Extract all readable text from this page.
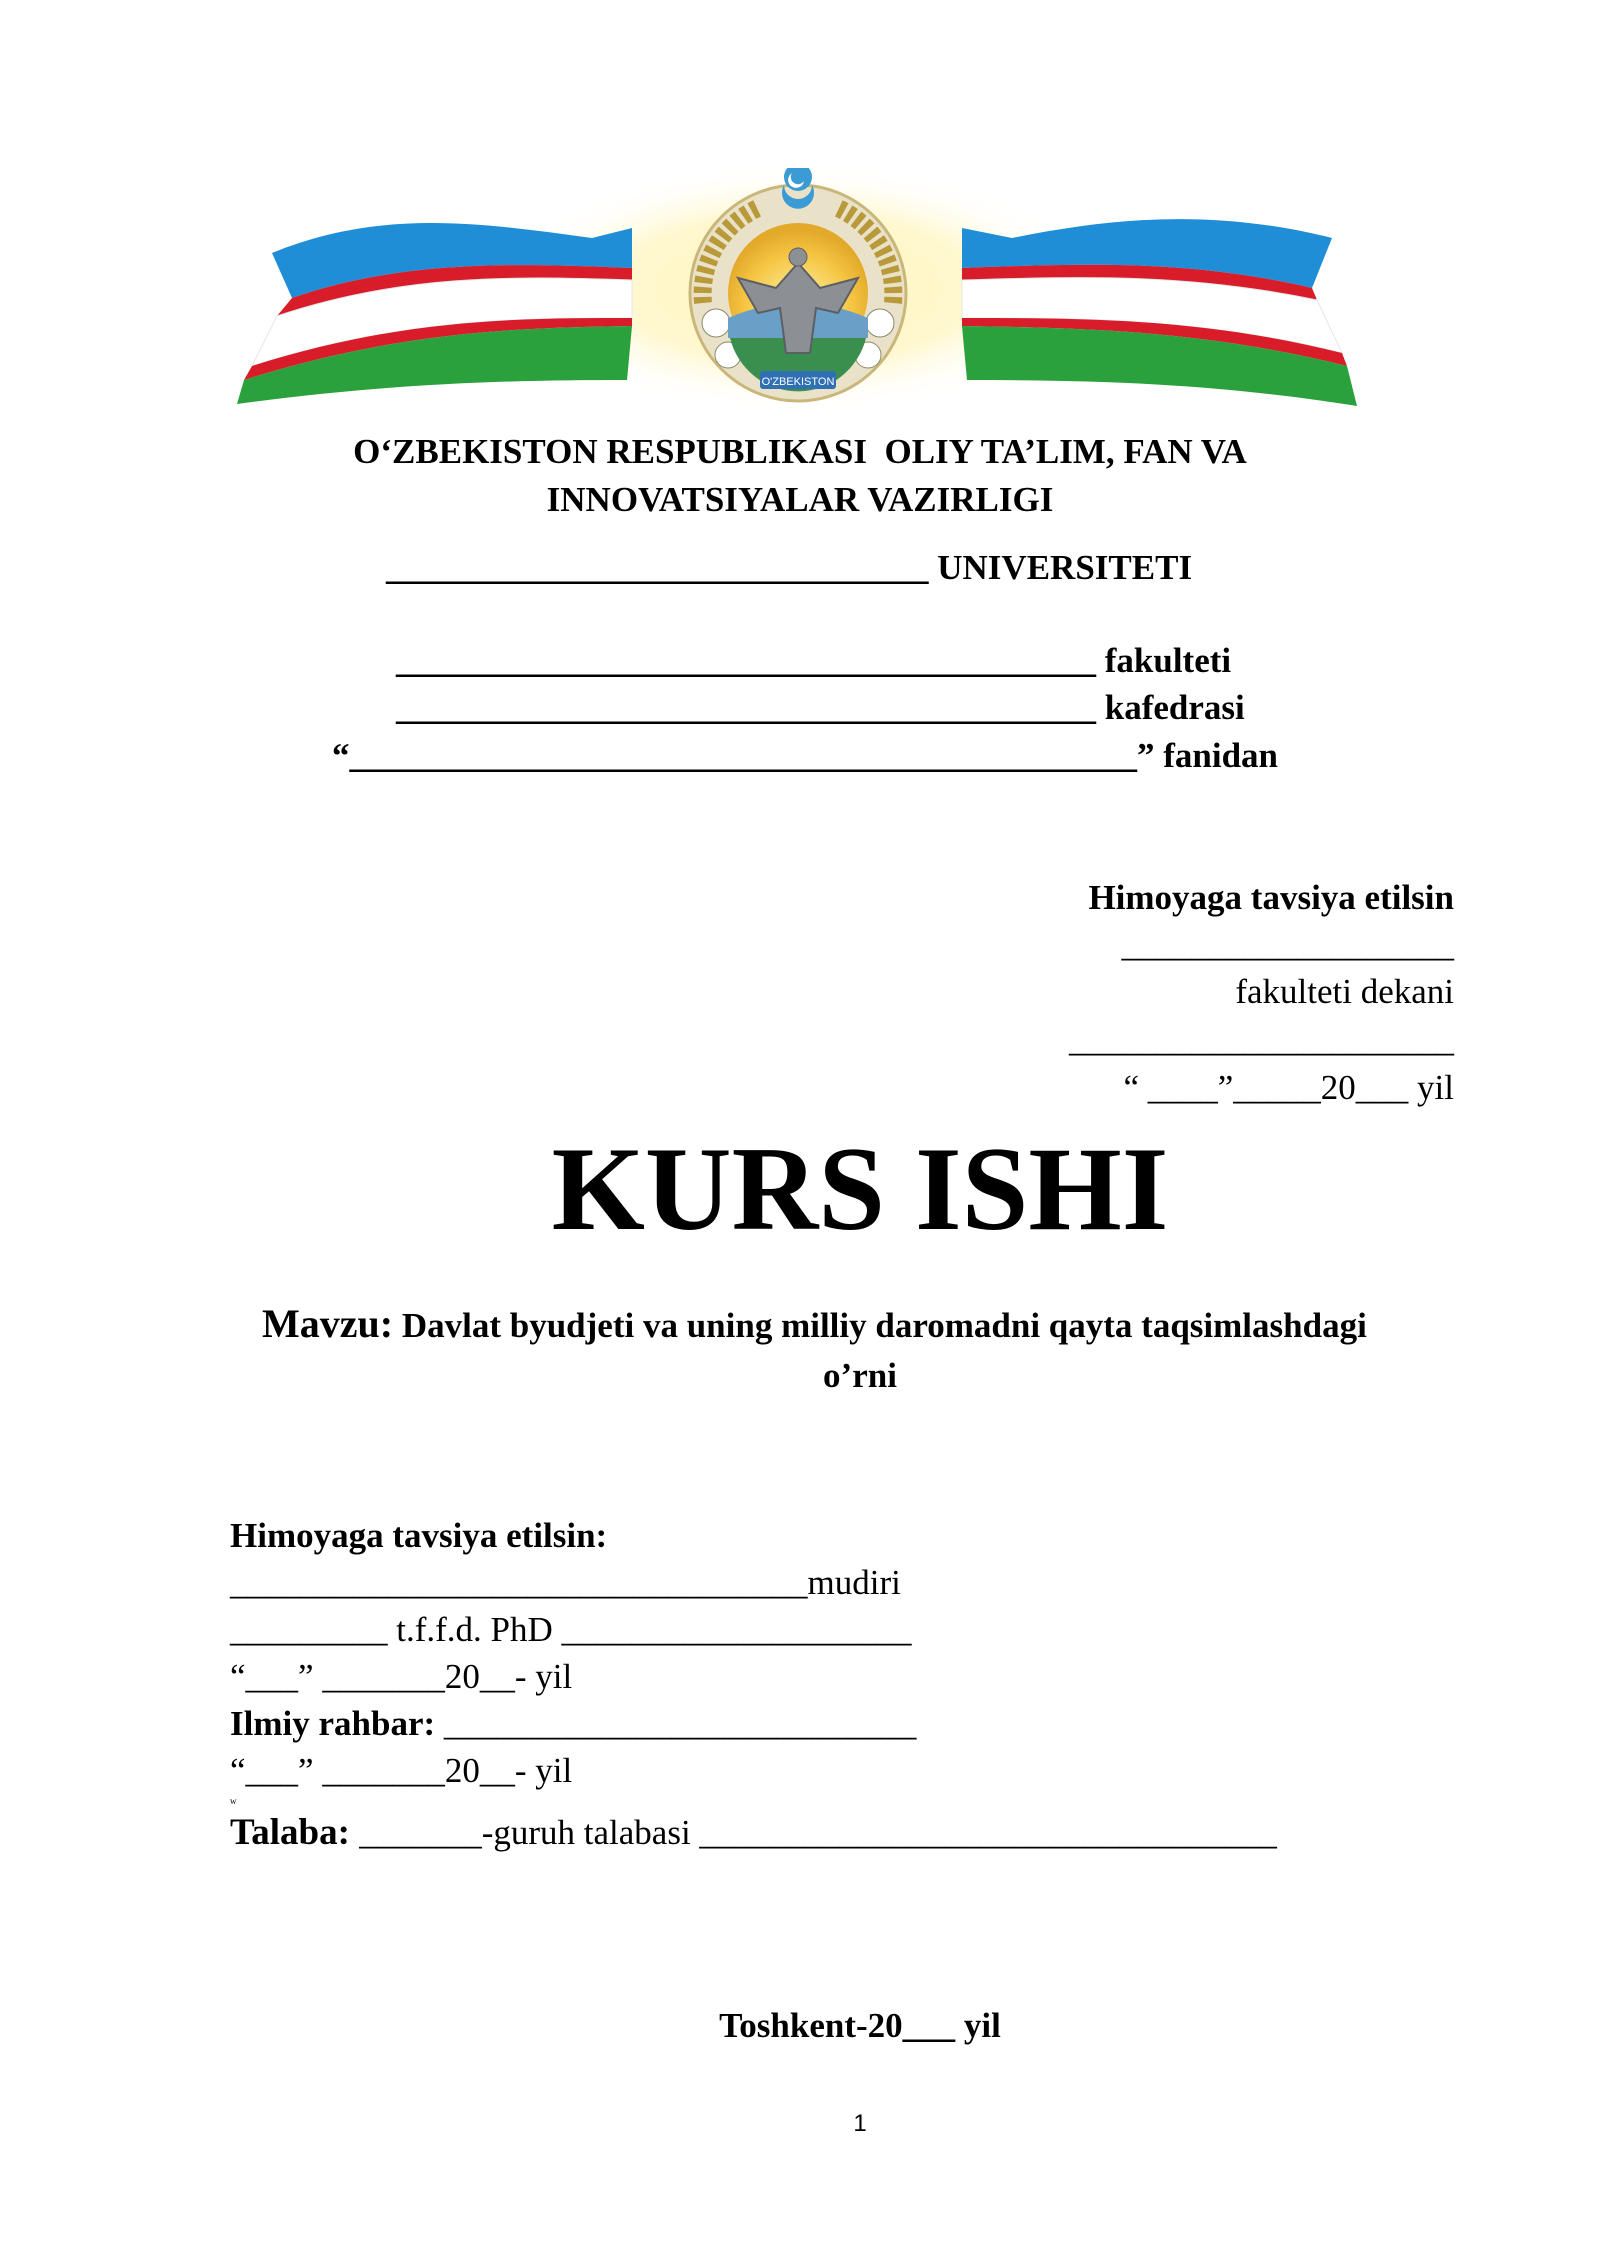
O'ZBEKISTON
O‘ZBEKISTON RESPUBLIKASI  OLIY TA’LIM, FAN VA
INNOVATSIYALAR VAZIRLIGI
_______________________________ UNIVERSITETI
________________________________________ fakulteti
________________________________________ kafedrasi
“_____________________________________________” fanidan
Himoyaga tavsiya etilsin
___________________
fakulteti dekani
______________________
“ ____”_____20___ yil
KURS ISHI
Mavzu: Davlat byudjeti va uning milliy daromadni qayta taqsimlashdagi
o’rni
Himoyaga tavsiya etilsin:
_________________________________mudiri
_________ t.f.f.d. PhD ____________________
“___” _______20__- yil
Ilmiy rahbar: ___________________________
“___” _______20__- yil
w
Talaba: _______-guruh talabasi _________________________________
Toshkent-20___ yil
1
